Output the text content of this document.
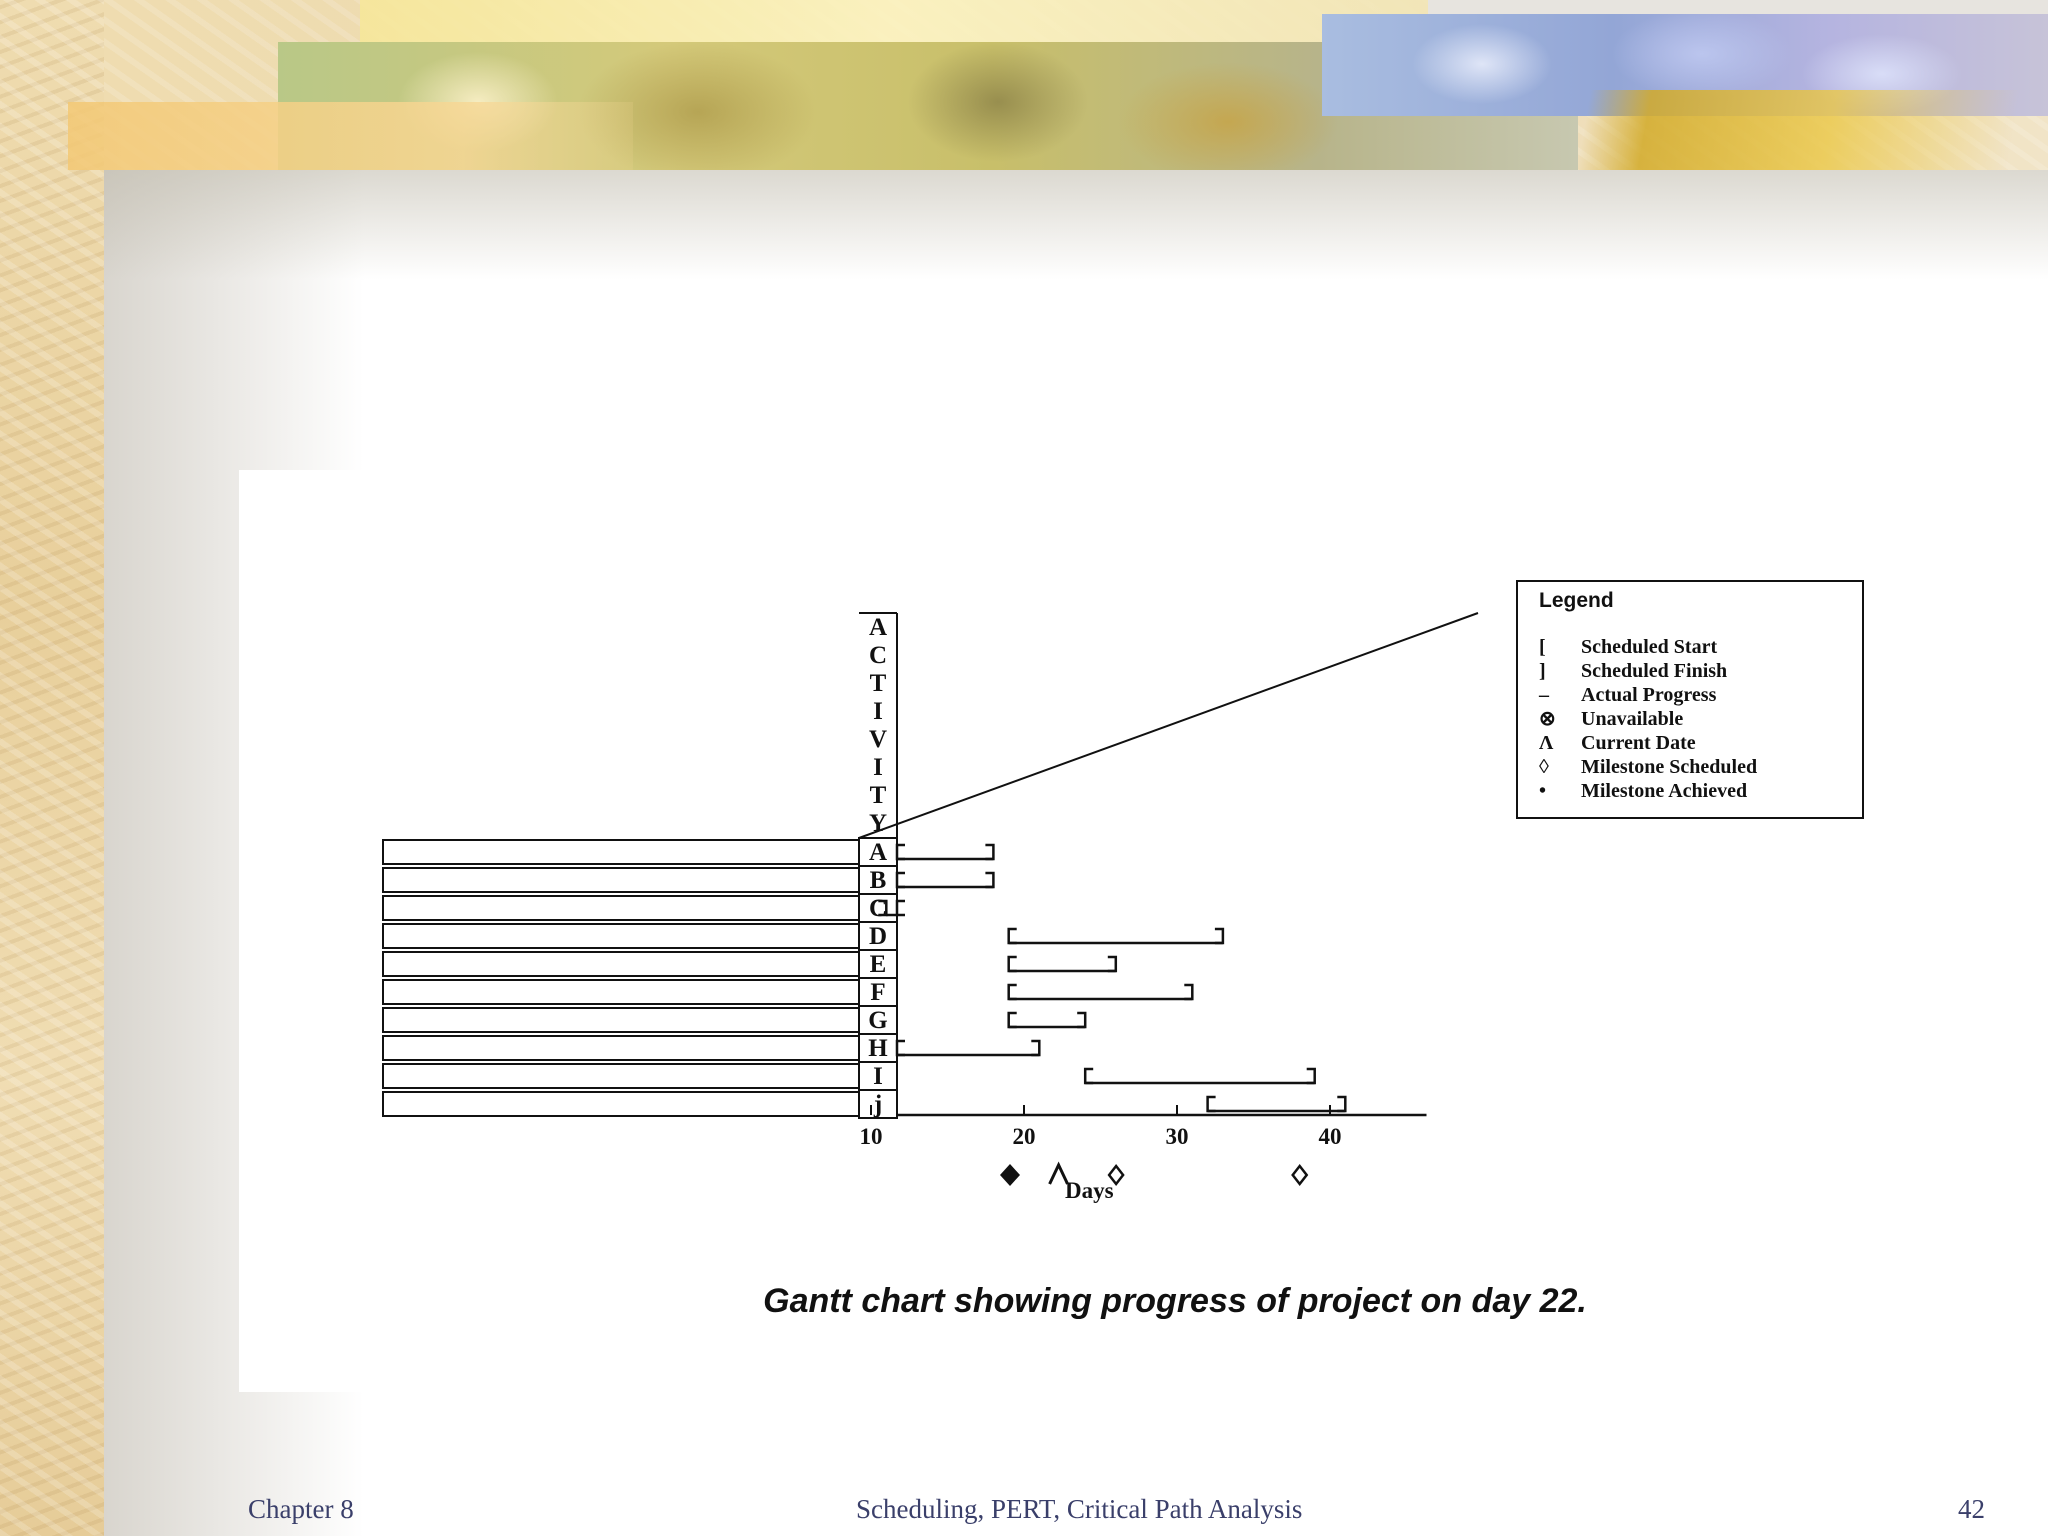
A
B
C
D
E
F
G
H
I
j
A
C
T
I
V
I
T
Y
10	20	30	40
Days
Legend
[ Scheduled Start
] Scheduled Finish
– Actual Progress
⊗ Unavailable
Λ Current Date
◊ Milestone Scheduled
• Milestone Achieved
Gantt chart showing progress of project on day 22.
Chapter 8	Scheduling, PERT, Critical Path Analysis	42
